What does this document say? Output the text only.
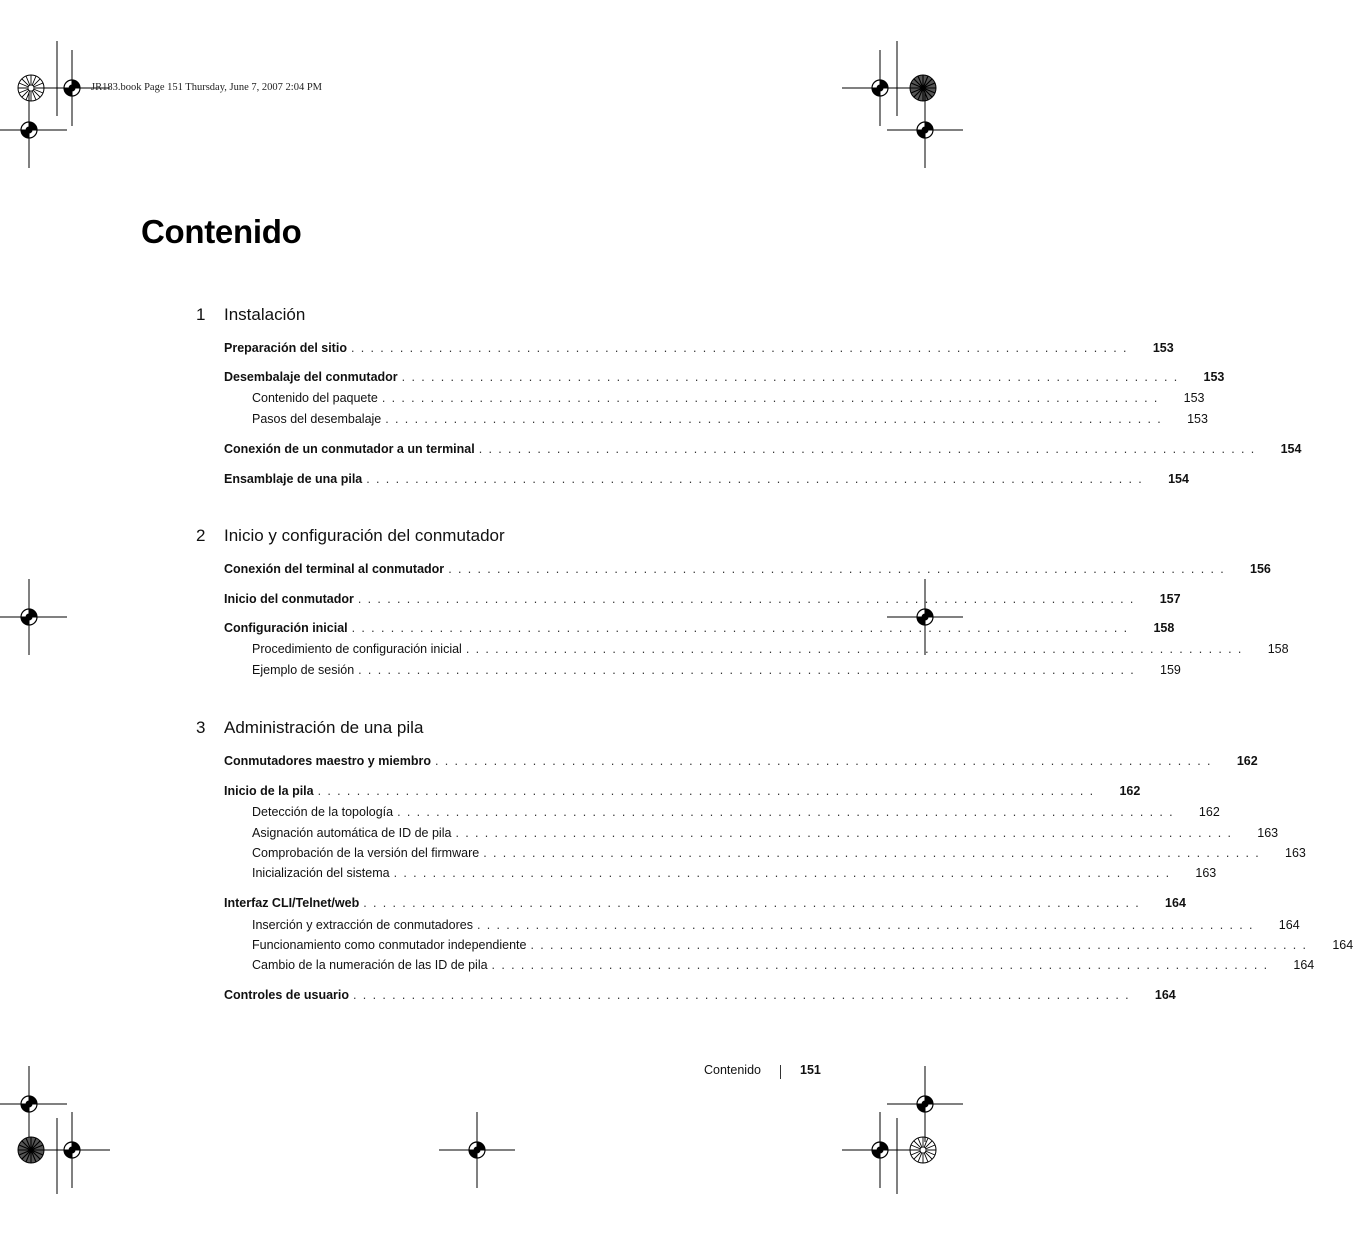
JR183.book Page 151 Thursday, June 7, 2007 2:04 PM
Contenido
1 Instalación
Preparación del sitio ................................................................................ 153
Desembalaje del conmutador ................................................................................ 153
Contenido del paquete ................................................................................ 153
Pasos del desembalaje ................................................................................ 153
Conexión de un conmutador a un terminal ................................................................................ 154
Ensamblaje de una pila ................................................................................ 154
2 Inicio y configuración del conmutador
Conexión del terminal al conmutador ................................................................................ 156
Inicio del conmutador ................................................................................ 157
Configuración inicial ................................................................................ 158
Procedimiento de configuración inicial ................................................................................ 158
Ejemplo de sesión ................................................................................ 159
3 Administración de una pila
Conmutadores maestro y miembro ................................................................................ 162
Inicio de la pila ................................................................................ 162
Detección de la topología ................................................................................ 162
Asignación automática de ID de pila ................................................................................ 163
Comprobación de la versión del firmware ................................................................................ 163
Inicialización del sistema ................................................................................ 163
Interfaz CLI/Telnet/web ................................................................................ 164
Inserción y extracción de conmutadores ................................................................................ 164
Funcionamiento como conmutador independiente ................................................................................ 164
Cambio de la numeración de las ID de pila ................................................................................ 164
Controles de usuario ................................................................................ 164
Contenido	151
